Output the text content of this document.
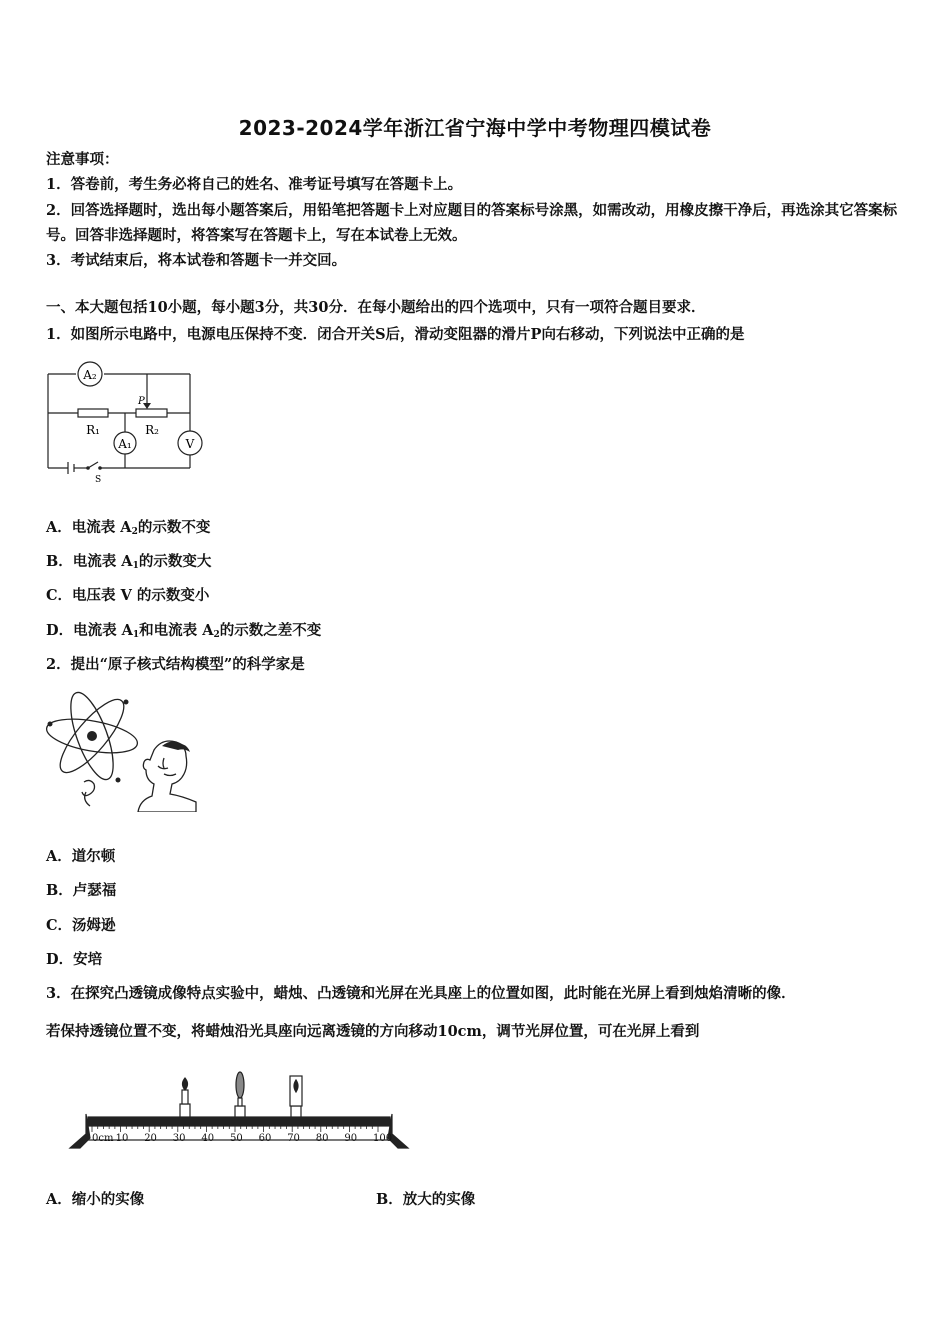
2023-2024学年浙江省宁海中学中考物理四模试卷
注意事项：
1．答卷前，考生务必将自己的姓名、准考证号填写在答题卡上。
2．回答选择题时，选出每小题答案后，用铅笔把答题卡上对应题目的答案标号涂黑，如需改动，用橡皮擦干净后，再选涂其它答案标号。回答非选择题时，将答案写在答题卡上，写在本试卷上无效。
3．考试结束后，将本试卷和答题卡一并交回。
一、本大题包括10小题，每小题3分，共30分．在每小题给出的四个选项中，只有一项符合题目要求．
1．如图所示电路中，电源电压保持不变．闭合开关S后，滑动变阻器的滑片P向右移动，下列说法中正确的是
A₂
A₁	V
R₁	R₂
P
S
A．电流表 $A_2$的示数不变
B．电流表 $A_1$的示数变大
C．电压表 V 的示数变小
D．电流表 $A_1$和电流表 $A_2$的示数之差不变
2．提出“原子核式结构模型”的科学家是
A．道尔顿
B．卢瑟福
C．汤姆逊
D．安培
3．在探究凸透镜成像特点实验中，蜡烛、凸透镜和光屏在光具座上的位置如图，此时能在光屏上看到烛焰清晰的像．
若保持透镜位置不变，将蜡烛沿光具座向远离透镜的方向移动10cm，调节光屏位置，可在光屏上看到
0cm 10 20 30 40 50 60 70 80 90 100
A．缩小的实像	B．放大的实像
